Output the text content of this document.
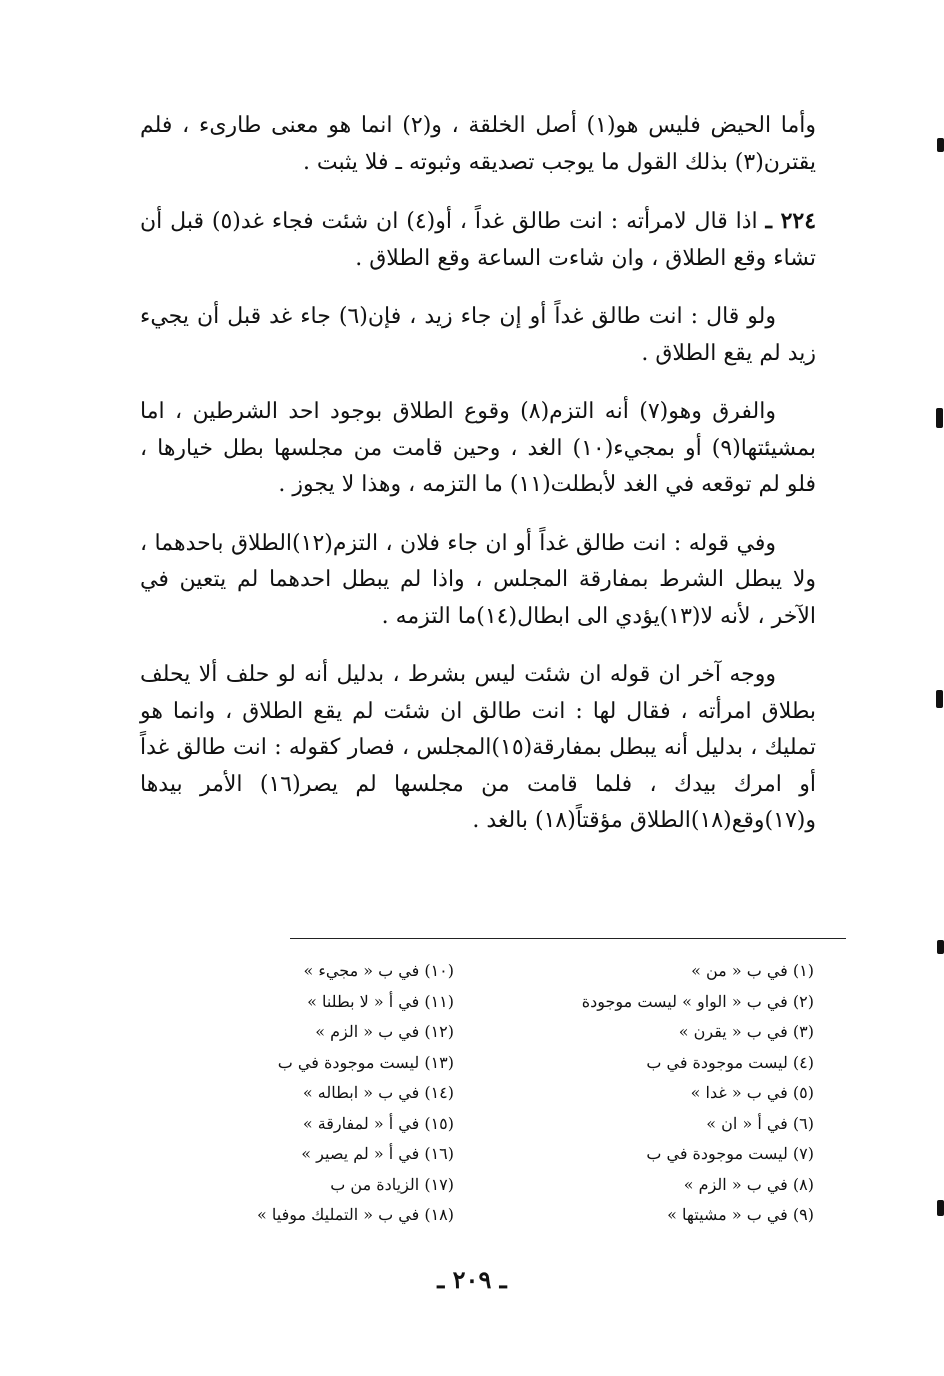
وأما الحيض فليس هو(١) أصل الخلقة ، و(٢) انما هو معنى طارىء ، فلم يقترن(٣) بذلك القول ما يوجب تصديقه وثبوته ـ فلا يثبت .

٢٢٤ ـ اذا قال لامرأته : انت طالق غداً ، أو(٤) ان شئت فجاء غد(٥) قبل أن تشاء وقع الطلاق ، وان شاءت الساعة وقع الطلاق .

ولو قال : انت طالق غداً أو إن جاء زيد ، فإن(٦) جاء غد قبل أن يجيء زيد لم يقع الطلاق .

والفرق وهو(٧) أنه التزم(٨) وقوع الطلاق بوجود احد الشرطين ، اما بمشيئتها(٩) أو بمجيء(١٠) الغد ، وحين قامت من مجلسها بطل خيارها ، فلو لم توقعه في الغد لأبطلت(١١) ما التزمه ، وهذا لا يجوز .

وفي قوله : انت طالق غداً أو ان جاء فلان ، التزم(١٢)الطلاق باحدهما ، ولا يبطل الشرط بمفارقة المجلس ، واذا لم يبطل احدهما لم يتعين في الآخر ، لأنه لا(١٣)يؤدي الى ابطال(١٤)ما التزمه .

ووجه آخر ان قوله ان شئت ليس بشرط ، بدليل أنه لو حلف ألا يحلف بطلاق امرأته ، فقال لها : انت طالق ان شئت لم يقع الطلاق ، وانما هو تمليك ، بدليل أنه يبطل بمفارقة(١٥)المجلس ، فصار كقوله : انت طالق غداً أو امرك بيدك ، فلما قامت من مجلسها لم يصر(١٦) الأمر بيدها و(١٧)وقع(١٨)الطلاق مؤقتاً(١٨) بالغد .

(١) في ب « من »
(٢) في ب « الواو » ليست موجودة
(٣) في ب « يقرن »
(٤) ليست موجودة في ب
(٥) في ب « غدا »
(٦) في أ « ان »
(٧) ليست موجودة في ب
(٨) في ب « الزم »
(٩) في ب « مشيتها »
(١٠) في ب « مجيء »
(١١) في أ « لا بطلنا »
(١٢) في ب « الزم »
(١٣) ليست موجودة في ب
(١٤) في ب « ابطاله »
(١٥) في أ « لمفارقة »
(١٦) في أ « لم يصير »
(١٧) الزيادة من ب
(١٨) في ب « التمليك موفيا »
ـ ٢٠٩ ـ
